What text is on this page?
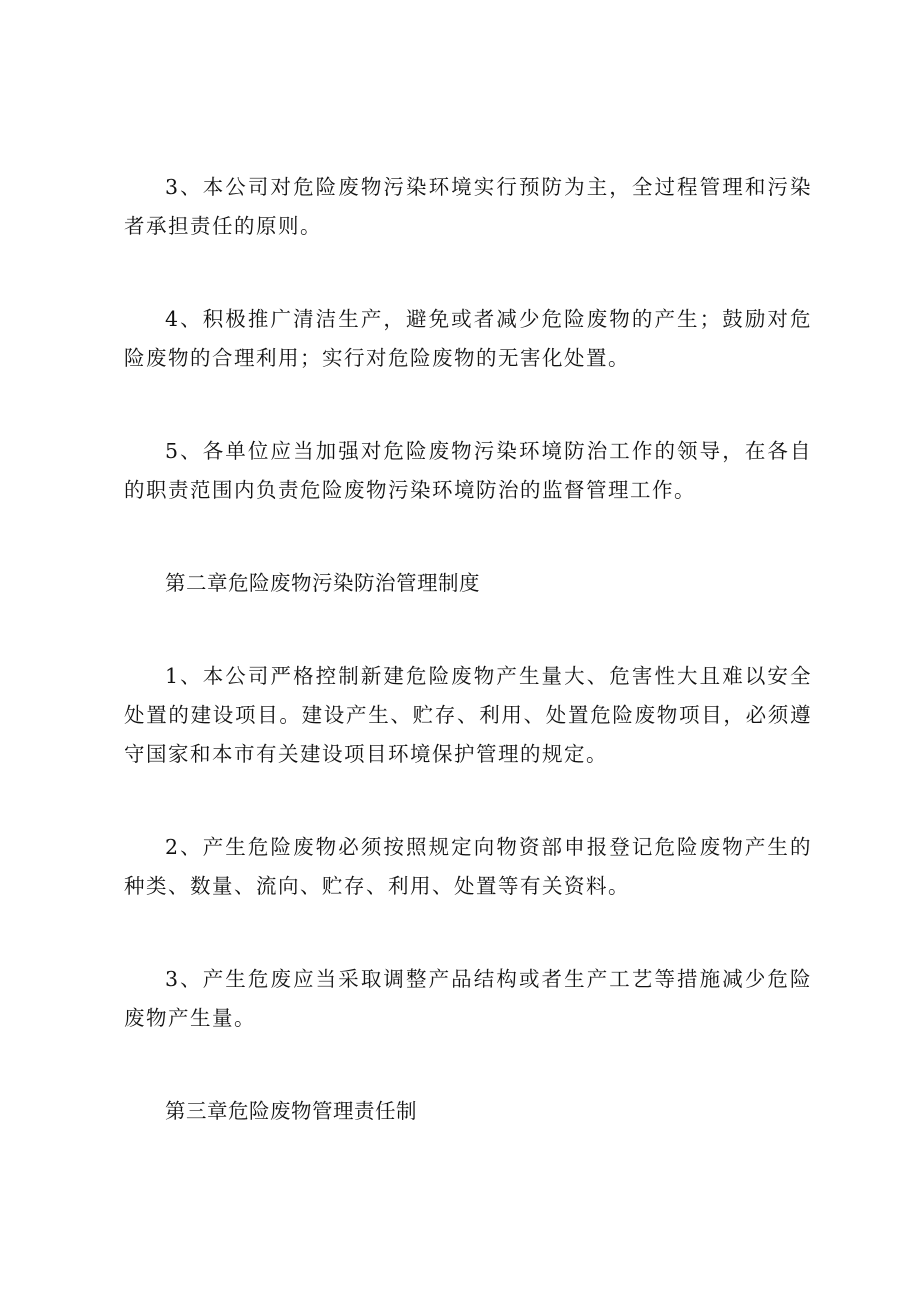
3、本公司对危险废物污染环境实行预防为主，全过程管理和污染者承担责任的原则。

4、积极推广清洁生产，避免或者减少危险废物的产生；鼓励对危险废物的合理利用；实行对危险废物的无害化处置。

5、各单位应当加强对危险废物污染环境防治工作的领导，在各自的职责范围内负责危险废物污染环境防治的监督管理工作。

第二章危险废物污染防治管理制度

1、本公司严格控制新建危险废物产生量大、危害性大且难以安全处置的建设项目。建设产生、贮存、利用、处置危险废物项目，必须遵守国家和本市有关建设项目环境保护管理的规定。

2、产生危险废物必须按照规定向物资部申报登记危险废物产生的种类、数量、流向、贮存、利用、处置等有关资料。

3、产生危废应当采取调整产品结构或者生产工艺等措施减少危险废物产生量。

第三章危险废物管理责任制
